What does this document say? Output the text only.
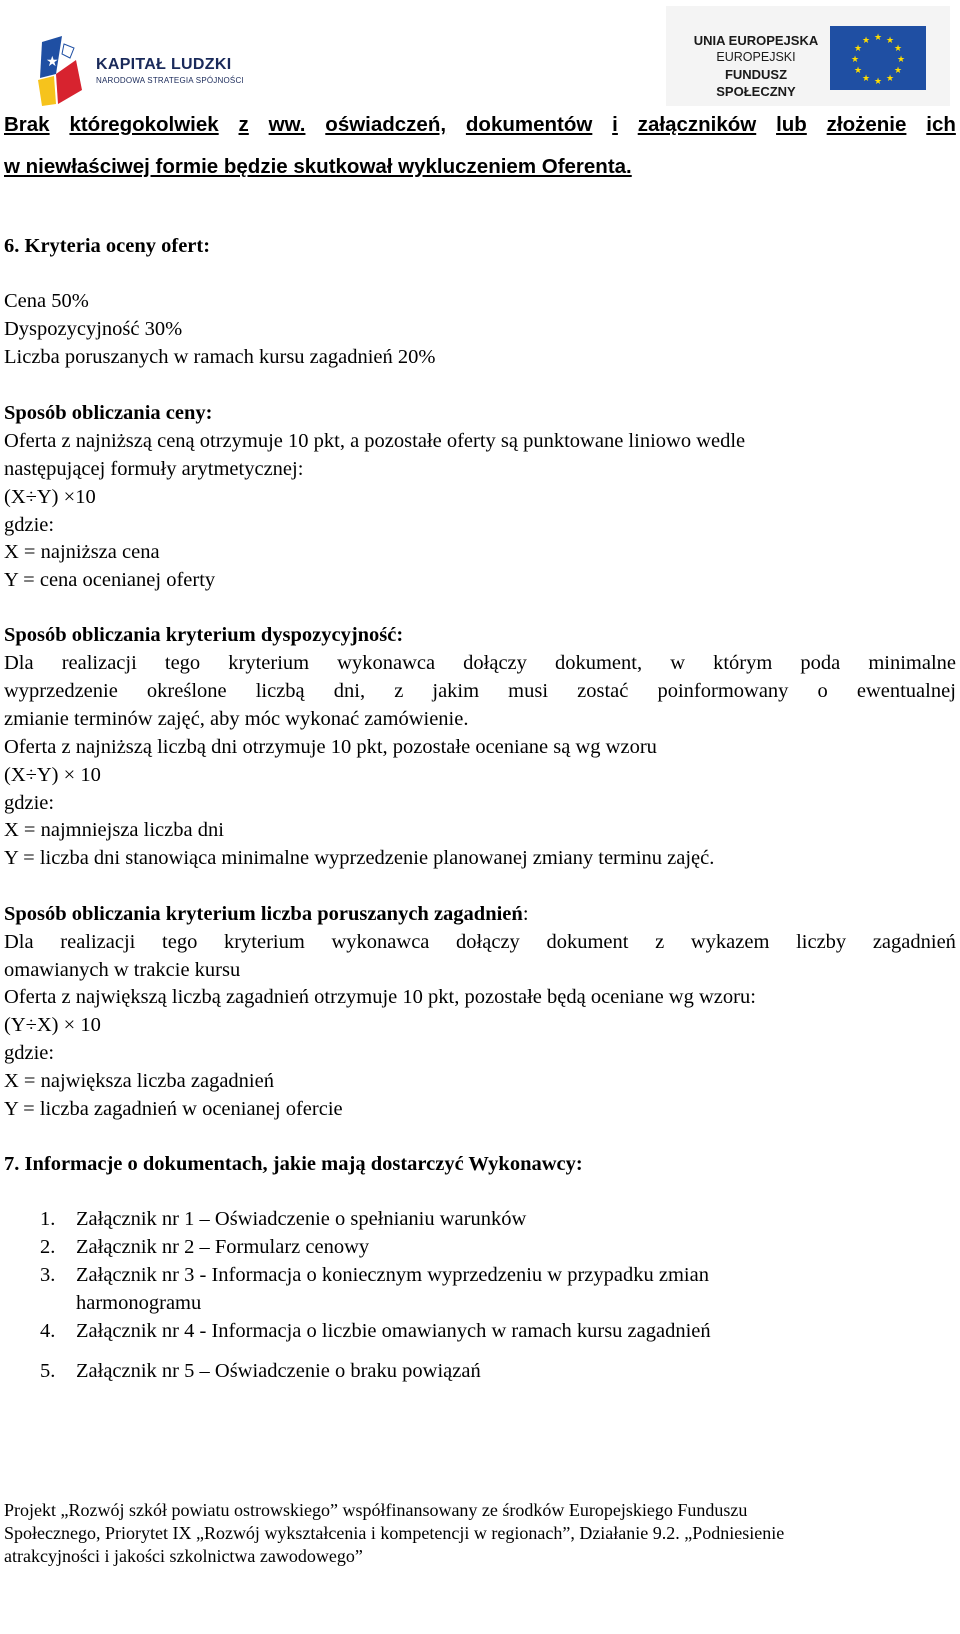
★ KAPITAŁ LUDZKI
NARODOWA STRATEGIA SPÓJNOŚCI
UNIA EUROPEJSKA
EUROPEJSKI
FUNDUSZ SPOŁECZNY
★ ★
★
★
★
★
★
★
★
★
★
★
Brak któregokolwiek z ww. oświadczeń, dokumentów i załączników lub złożenie ich
w niewłaściwej formie będzie skutkował wykluczeniem Oferenta.
6. Kryteria oceny ofert:
Cena 50%
Dyspozycyjność 30%
Liczba poruszanych w ramach kursu zagadnień 20%
Sposób obliczania ceny:
Oferta z najniższą ceną otrzymuje 10 pkt, a pozostałe oferty są punktowane liniowo wedle
następującej formuły arytmetycznej:
(X÷Y) ×10
gdzie:
X = najniższa cena
Y = cena ocenianej oferty
Sposób obliczania kryterium dyspozycyjność:
Dla realizacji tego kryterium wykonawca dołączy dokument, w którym poda minimalne
wyprzedzenie określone liczbą dni, z jakim musi zostać poinformowany o ewentualnej
zmianie terminów zajęć, aby móc wykonać zamówienie.
Oferta z najniższą liczbą dni otrzymuje 10 pkt, pozostałe oceniane są wg wzoru
(X÷Y) × 10
gdzie:
X = najmniejsza liczba dni
Y = liczba dni stanowiąca minimalne wyprzedzenie planowanej zmiany terminu zajęć.
Sposób obliczania kryterium liczba poruszanych zagadnień:
Dla realizacji tego kryterium wykonawca dołączy dokument z wykazem liczby zagadnień
omawianych w trakcie kursu
Oferta z największą liczbą zagadnień otrzymuje 10 pkt, pozostałe będą oceniane wg wzoru:
(Y÷X) × 10
gdzie:
X = największa liczba zagadnień
Y = liczba zagadnień w ocenianej ofercie
7. Informacje o dokumentach, jakie mają dostarczyć Wykonawcy:
1. Załącznik nr 1 – Oświadczenie o spełnianiu warunków
2. Załącznik nr 2 – Formularz cenowy
3. Załącznik nr 3 - Informacja o koniecznym wyprzedzeniu w przypadku zmian
harmonogramu
4. Załącznik nr 4 - Informacja o liczbie omawianych w ramach kursu zagadnień
5. Załącznik nr 5 – Oświadczenie o braku powiązań
Projekt „Rozwój szkół powiatu ostrowskiego” współfinansowany ze środków Europejskiego Funduszu
Społecznego, Priorytet IX „Rozwój wykształcenia i kompetencji w regionach”, Działanie 9.2. „Podniesienie
atrakcyjności i jakości szkolnictwa zawodowego”
